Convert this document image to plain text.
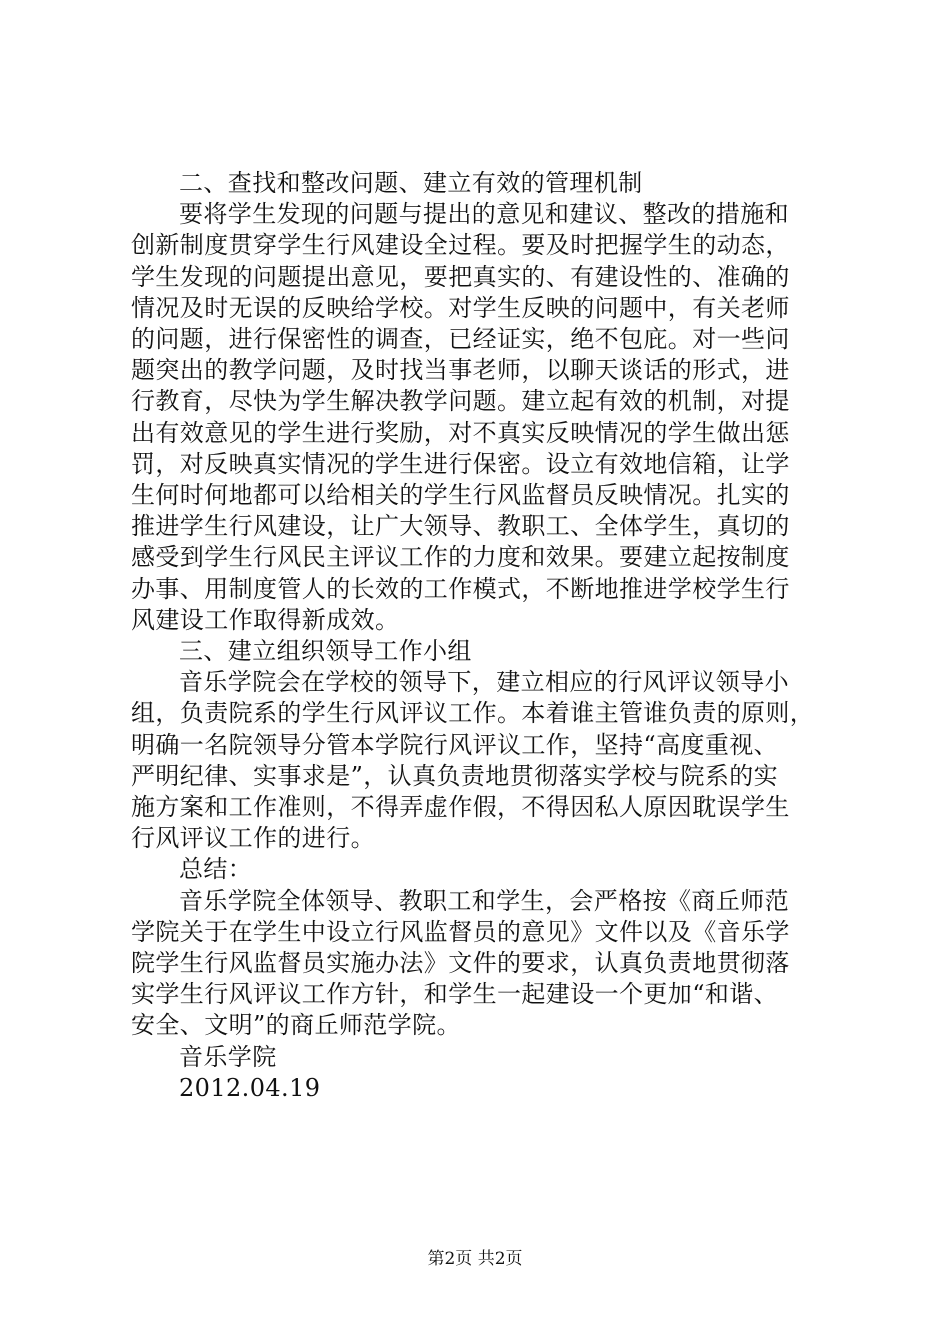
二、查找和整改问题、建立有效的管理机制
要将学生发现的问题与提出的意见和建议、整改的措施和
创新制度贯穿学生行风建设全过程。要及时把握学生的动态，
学生发现的问题提出意见，要把真实的、有建设性的、准确的
情况及时无误的反映给学校。对学生反映的问题中，有关老师
的问题，进行保密性的调查，已经证实，绝不包庇。对一些问
题突出的教学问题，及时找当事老师，以聊天谈话的形式，进
行教育，尽快为学生解决教学问题。建立起有效的机制，对提
出有效意见的学生进行奖励，对不真实反映情况的学生做出惩
罚，对反映真实情况的学生进行保密。设立有效地信箱，让学
生何时何地都可以给相关的学生行风监督员反映情况。扎实的
推进学生行风建设，让广大领导、教职工、全体学生，真切的
感受到学生行风民主评议工作的力度和效果。要建立起按制度
办事、用制度管人的长效的工作模式，不断地推进学校学生行
风建设工作取得新成效。
三、建立组织领导工作小组
音乐学院会在学校的领导下，建立相应的行风评议领导小
组，负责院系的学生行风评议工作。本着谁主管谁负责的原则，
明确一名院领导分管本学院行风评议工作，坚持“高度重视、
严明纪律、实事求是”，认真负责地贯彻落实学校与院系的实
施方案和工作准则，不得弄虚作假，不得因私人原因耽误学生
行风评议工作的进行。
总结：
音乐学院全体领导、教职工和学生，会严格按《商丘师范
学院关于在学生中设立行风监督员的意见》文件以及《音乐学
院学生行风监督员实施办法》文件的要求，认真负责地贯彻落
实学生行风评议工作方针，和学生一起建设一个更加“和谐、
安全、文明”的商丘师范学院。
音乐学院
2012.04.19
第2页 共2页
